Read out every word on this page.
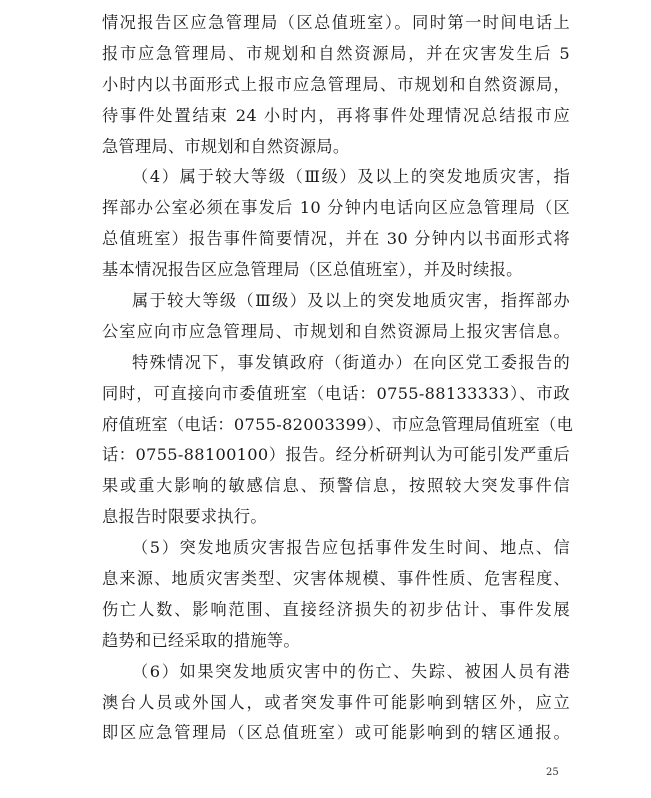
情况报告区应急管理局（区总值班室）。同时第一时间电话上
报市应急管理局、市规划和自然资源局，并在灾害发生后 5
小时内以书面形式上报市应急管理局、市规划和自然资源局，
待事件处置结束 24 小时内，再将事件处理情况总结报市应
急管理局、市规划和自然资源局。
（4）属于较大等级（Ⅲ级）及以上的突发地质灾害，指
挥部办公室必须在事发后 10 分钟内电话向区应急管理局（区
总值班室）报告事件简要情况，并在 30 分钟内以书面形式将
基本情况报告区应急管理局（区总值班室），并及时续报。
属于较大等级（Ⅲ级）及以上的突发地质灾害，指挥部办
公室应向市应急管理局、市规划和自然资源局上报灾害信息。
特殊情况下，事发镇政府（街道办）在向区党工委报告的
同时，可直接向市委值班室（电话：0755-88133333）、市政
府值班室（电话：0755-82003399）、市应急管理局值班室（电
话：0755-88100100）报告。经分析研判认为可能引发严重后
果或重大影响的敏感信息、预警信息，按照较大突发事件信
息报告时限要求执行。
（5）突发地质灾害报告应包括事件发生时间、地点、信
息来源、地质灾害类型、灾害体规模、事件性质、危害程度、
伤亡人数、影响范围、直接经济损失的初步估计、事件发展
趋势和已经采取的措施等。
（6）如果突发地质灾害中的伤亡、失踪、被困人员有港
澳台人员或外国人，或者突发事件可能影响到辖区外，应立
即区应急管理局（区总值班室）或可能影响到的辖区通报。
25
